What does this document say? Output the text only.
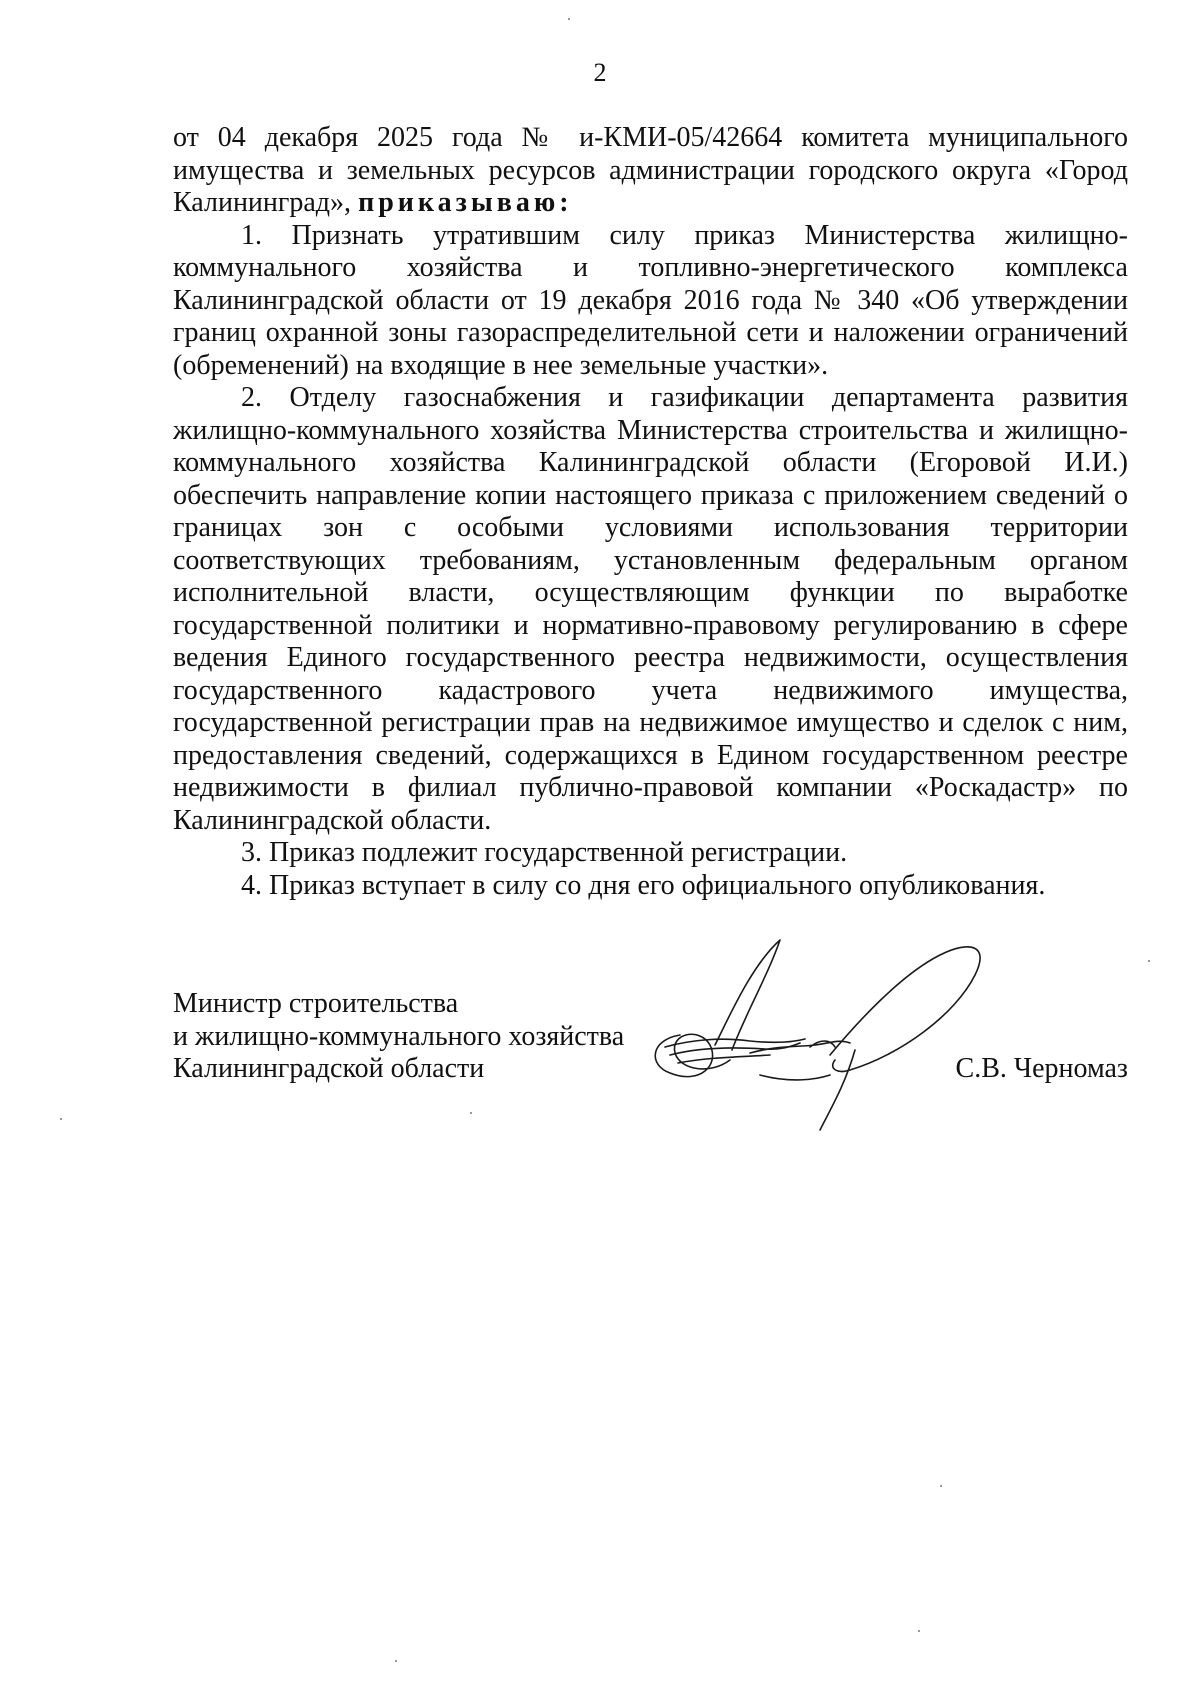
2

от 04 декабря 2025 года № и-КМИ-05/42664 комитета муниципального имущества и земельных ресурсов администрации городского округа «Город Калининград», приказываю:

1. Признать утратившим силу приказ Министерства жилищно-коммунального хозяйства и топливно-энергетического комплекса Калининградской области от 19 декабря 2016 года № 340 «Об утверждении границ охранной зоны газораспределительной сети и наложении ограничений (обременений) на входящие в нее земельные участки».

2. Отделу газоснабжения и газификации департамента развития жилищно-коммунального хозяйства Министерства строительства и жилищно-коммунального хозяйства Калининградской области (Егоровой И.И.) обеспечить направление копии настоящего приказа с приложением сведений о границах зон с особыми условиями использования территории соответствующих требованиям, установленным федеральным органом исполнительной власти, осуществляющим функции по выработке государственной политики и нормативно-правовому регулированию в сфере ведения Единого государственного реестра недвижимости, осуществления государственного кадастрового учета недвижимого имущества, государственной регистрации прав на недвижимое имущество и сделок с ним, предоставления сведений, содержащихся в Едином государственном реестре недвижимости в филиал публично-правовой компании «Роскадастр» по Калининградской области.

3. Приказ подлежит государственной регистрации.

4. Приказ вступает в силу со дня его официального опубликования.

Министр строительства
и жилищно-коммунального хозяйства
Калининградской области	С.В. Черномаз
